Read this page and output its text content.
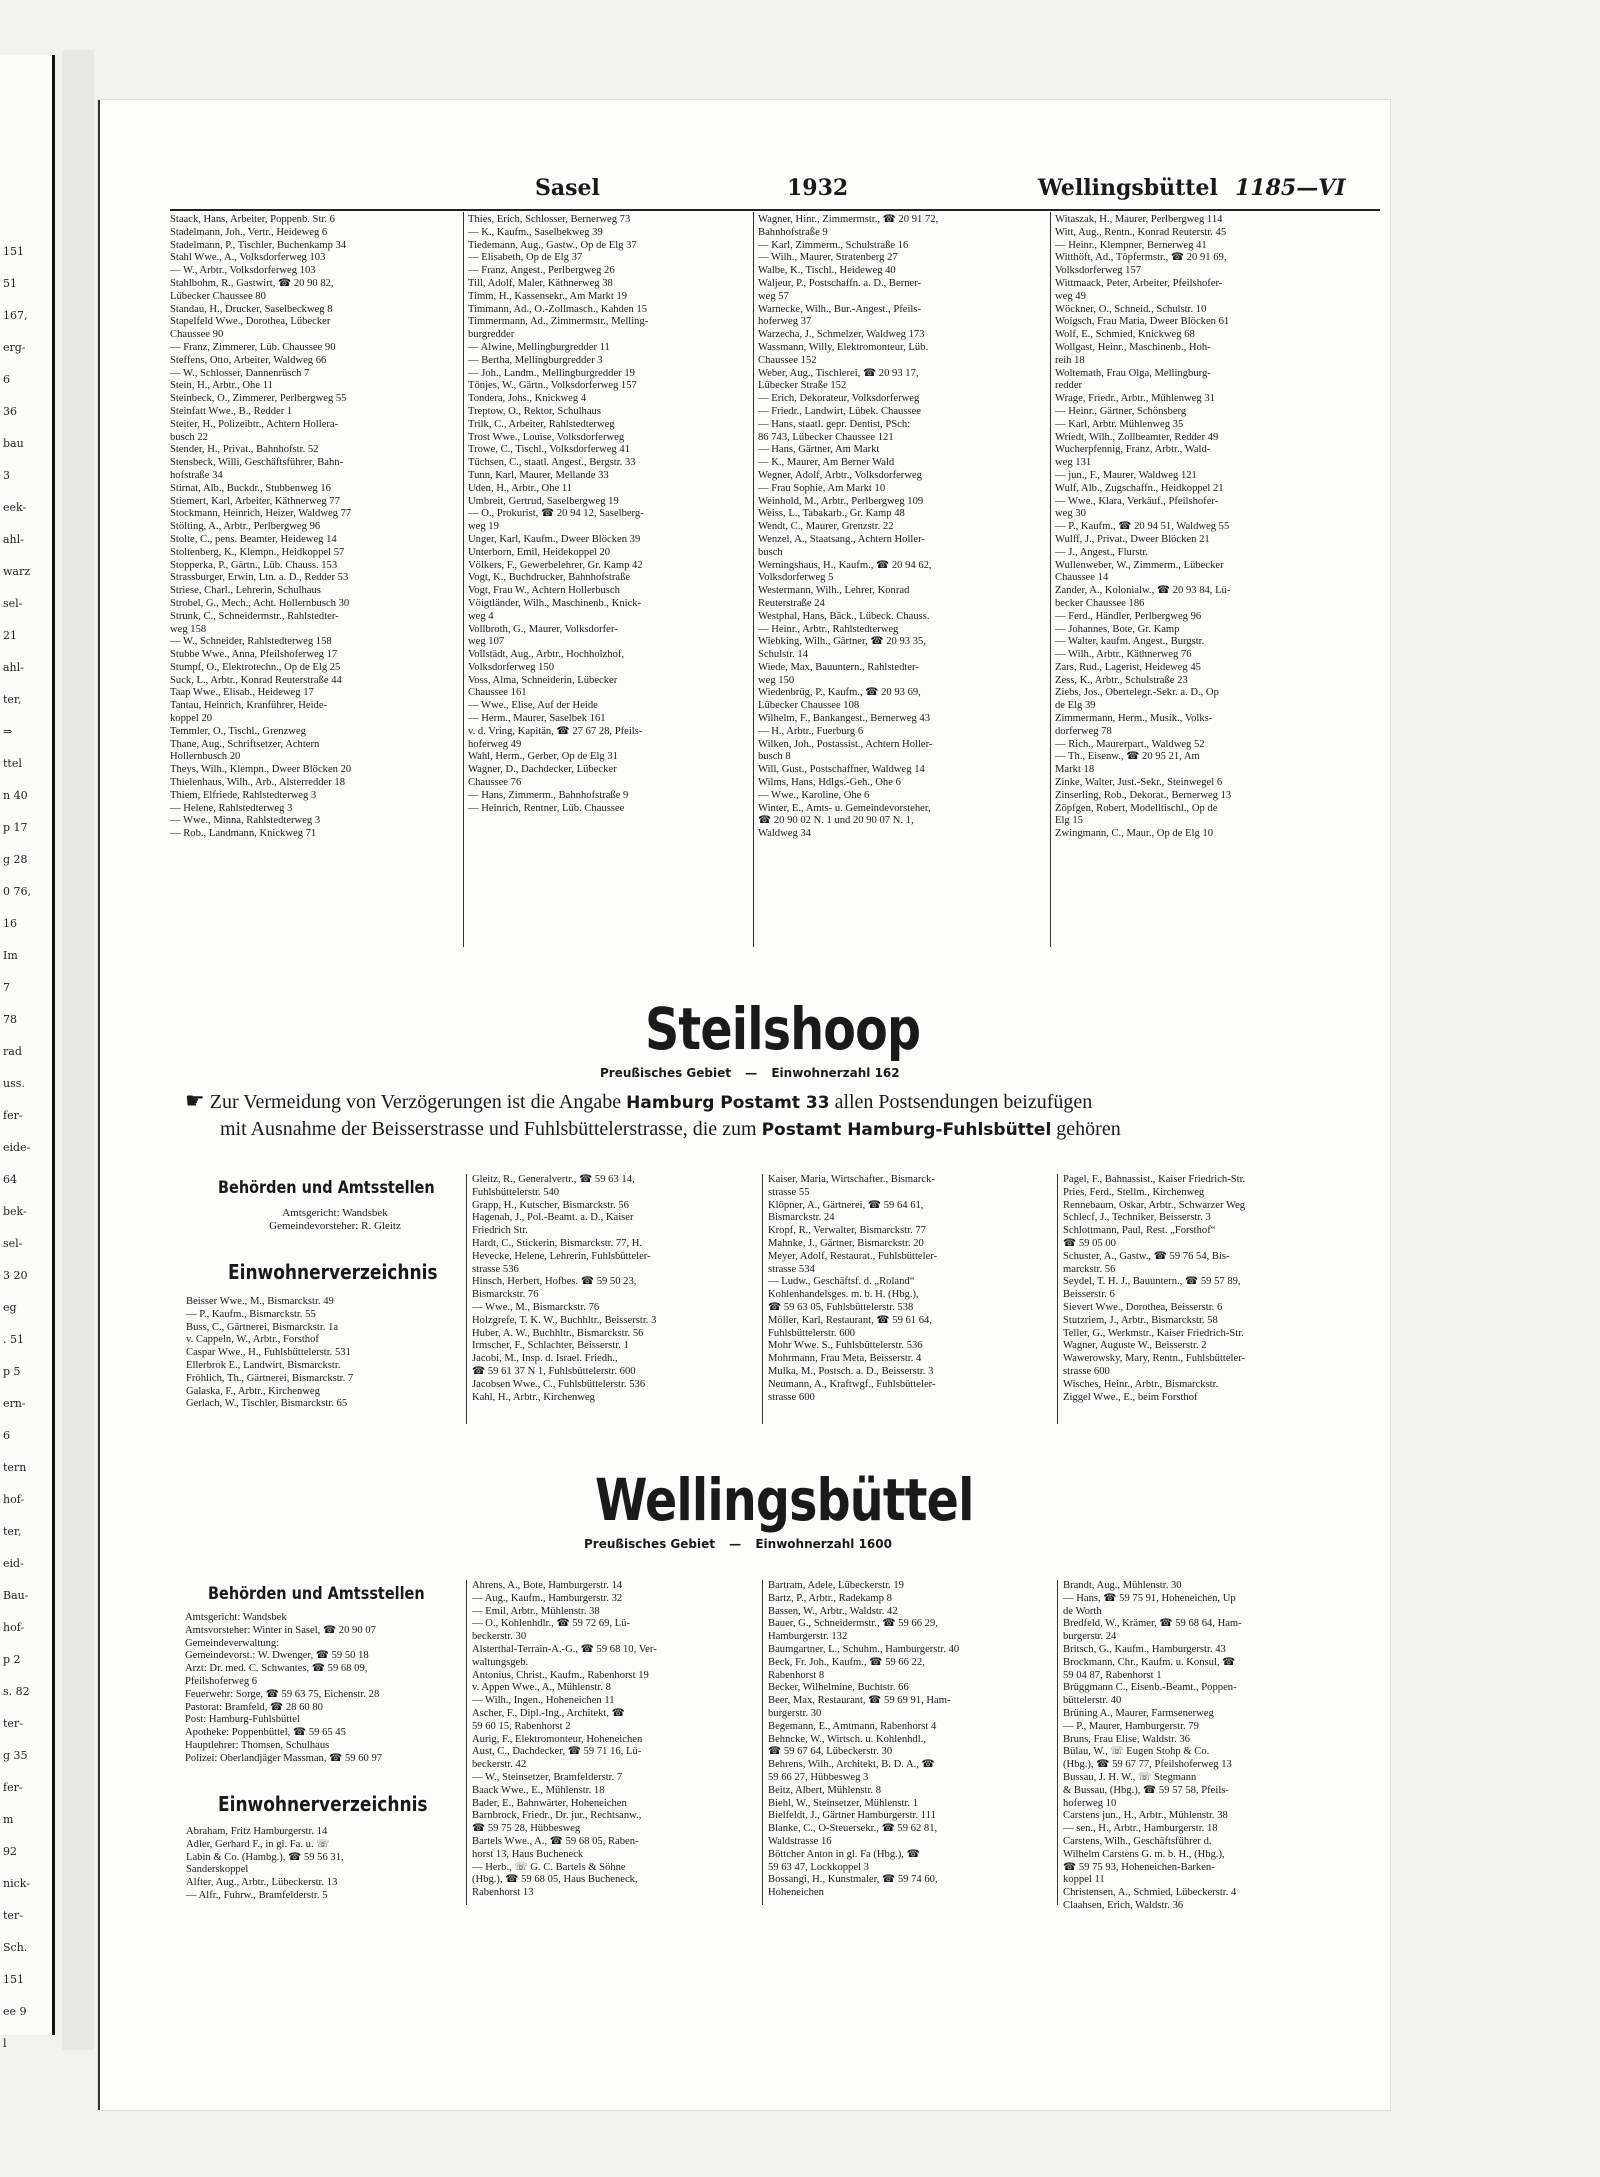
151
51
167,
erg-
6
36
bau
3
eek-
ahl-
warz
sel-
21
ahl-
ter,
⇒
ttel
n 40
p 17
g 28
0 76,
16
Im
7
78
rad
uss.
fer-
eide-
64
bek-
sel-
3 20
eg
. 51
p 5
ern-
6
tern
hof-
ter,
eid-
Bau-
hof-
p 2
s. 82
ter-
g 35
fer-
m
92
nick-
ter-
Sch.
151
ee 9
l
Sasel	1932	Wellingsbüttel 1185—VI
Staack, Hans, Arbeiter, Poppenb. Str. 6
Stadelmann, Joh., Vertr., Heideweg 6
Stadelmann, P., Tischler, Buchenkamp 34
Stahl Wwe., A., Volksdorferweg 103
— W., Arbtr., Volksdorferweg 103
Stahlbohm, R., Gastwirt, ☎ 20 90 82,
Lübecker Chaussee 80
Standau, H., Drucker, Saselbeckweg 8
Stapelfeld Wwe., Dorothea, Lübecker
Chaussee 90
— Franz, Zimmerer, Lüb. Chaussee 90
Steffens, Otto, Arbeiter, Waldweg 66
— W., Schlosser, Dannenrüsch 7
Stein, H., Arbtr., Ohe 11
Steinbeck, O., Zimmerer, Perlbergweg 55
Steinfatt Wwe., B., Redder 1
Steiter, H., Polizeibtr., Achtern Hollera-
busch 22
Stender, H., Privat., Bahnhofstr. 52
Stensbeck, Willi, Geschäftsführer, Bahn-
hofstraße 34
Stirnat, Alb., Buckdr., Stubbenweg 16
Stiemert, Karl, Arbeiter, Käthnerweg 77
Stockmann, Heinrich, Heizer, Waldweg 77
Stölting, A., Arbtr., Perlbergweg 96
Stolte, C., pens. Beamter, Heideweg 14
Stoltenberg, K., Klempn., Heidkoppel 57
Stopperka, P., Gärtn., Lüb. Chauss. 153
Strassburger, Erwin, Ltn. a. D., Redder 53
Striese, Charl., Lehrerin, Schulhaus
Strobel, G., Mech., Acht. Hollernbusch 30
Strunk, C., Schneidermstr., Rahlstedter-
weg 158
— W., Schneider, Rahlstedterweg 158
Stubbe Wwe., Anna, Pfeilshoferweg 17
Stumpf, O., Elektrotechn., Op de Elg 25
Suck, L., Arbtr., Konrad Reuterstraße 44
Taap Wwe., Elisab., Heideweg 17
Tantau, Heinrich, Kranführer, Heide-
koppel 20
Temmler, O., Tischl., Grenzweg
Thane, Aug., Schriftsetzer, Achtern
Hollernbusch 20
Theys, Wilh., Klempn., Dweer Blöcken 20
Thielenhaus, Wilh., Arb., Alsterredder 18
Thiem, Elfriede, Rahlstedterweg 3
— Helene, Rahlstedterweg 3
— Wwe., Minna, Rahlstedterweg 3
— Rob., Landmann, Knickweg 71
Thies, Erich, Schlosser, Bernerweg 73
— K., Kaufm., Saselbekweg 39
Tiedemann, Aug., Gastw., Op de Elg 37
— Elisabeth, Op de Elg 37
— Franz, Angest., Perlbergweg 26
Till, Adolf, Maler, Käthnerweg 38
Timm, H., Kassensekr., Am Markt 19
Timmann, Ad., O.-Zollmasch., Kahden 15
Timmermann, Ad., Zimmermstr., Melling-
burgredder
— Alwine, Mellingburgredder 11
— Bertha, Mellingburgredder 3
— Joh., Landm., Mellingburgredder 19
Tönjes, W., Gärtn., Volksdorferweg 157
Tondera, Johs., Knickweg 4
Treptow, O., Rektor, Schulhaus
Trilk, C., Arbeiter, Rahlstedterweg
Trost Wwe., Louise, Volksdorferweg
Trowe, C., Tischl., Volksdorferweg 41
Tüchsen, C., staatl. Angest., Bergstr. 33
Tunn, Karl, Maurer, Mellande 33
Uden, H., Arbtr., Ohe 11
Umbreit, Gertrud, Saselbergweg 19
— O., Prokurist, ☎ 20 94 12, Saselberg-
weg 19
Unger, Karl, Kaufm., Dweer Blöcken 39
Unterborn, Emil, Heidekoppel 20
Völkers, F., Gewerbelehrer, Gr. Kamp 42
Vogt, K., Buchdrucker, Bahnhofstraße
Vogt, Frau W., Achtern Hollerbusch
Vöigtländer, Wilh., Maschinenb., Knick-
weg 4
Vollbroth, G., Maurer, Volksdorfer-
weg 107
Vollstädt, Aug., Arbtr., Hochholzhof,
Volksdorferweg 150
Voss, Alma, Schneiderin, Lübecker
Chaussee 161
— Wwe., Elise, Auf der Heide
— Herm., Maurer, Saselbek 161
v. d. Vring, Kapitän, ☎ 27 67 28, Pfeils-
hoferweg 49
Wahl, Herm., Gerber, Op de Elg 31
Wagner, D., Dachdecker, Lübecker
Chaussee 76
— Hans, Zimmerm., Bahnhofstraße 9
— Heinrich, Rentner, Lüb. Chaussee
Wagner, Hinr., Zimmermstr., ☎ 20 91 72,
Bahnhofstraße 9
— Karl, Zimmerm., Schulstraße 16
— Wilh., Maurer, Stratenberg 27
Walbe, K., Tischl., Heideweg 40
Waljeur, P., Postschaffn. a. D., Berner-
weg 57
Warnecke, Wilh., Bur.-Angest., Pfeils-
hoferweg 37
Warzecha, J., Schmelzer, Waldweg 173
Wassmann, Willy, Elektromonteur, Lüb.
Chaussee 152
Weber, Aug., Tischlerei, ☎ 20 93 17,
Lübecker Straße 152
— Erich, Dekorateur, Volksdorferweg
— Friedr., Landwirt, Lübek. Chaussee
— Hans, staatl. gepr. Dentist, PSch:
86 743, Lübecker Chaussee 121
— Hans, Gärtner, Am Markt
— K., Maurer, Am Berner Wald
Wegner, Adolf, Arbtr., Volksdorferweg
— Frau Sophie, Am Markt 10
Weinhold, M., Arbtr., Perlbergweg 109
Weiss, L., Tabakarb., Gr. Kamp 48
Wendt, C., Maurer, Grenzstr. 22
Wenzel, A., Staatsang., Achtern Holler-
busch
Werningshaus, H., Kaufm., ☎ 20 94 62,
Volksdorferweg 5
Westermann, Wilh., Lehrer, Konrad
Reuterstraße 24
Westphal, Hans, Bäck., Lübeck. Chauss.
— Heinr., Arbtr., Rahlstedterweg
Wiebking, Wilh., Gärtner, ☎ 20 93 35,
Schulstr. 14
Wiede, Max, Bauuntern., Rahlstedter-
weg 150
Wiedenbrüg, P., Kaufm., ☎ 20 93 69,
Lübecker Chaussee 108
Wilhelm, F., Bankangest., Bernerweg 43
— H., Arbtr., Fuerburg 6
Wilken, Joh., Postassist., Achtern Holler-
busch 8
Will, Gust., Postschaffner, Waldweg 14
Wilms, Hans, Hdlgs.-Geh., Ohe 6
— Wwe., Karoline, Ohe 6
Winter, E., Amts- u. Gemeindevorsteher,
☎ 20 90 02 N. 1 und 20 90 07 N. 1,
Waldweg 34
Witaszak, H., Maurer, Perlbergweg 114
Witt, Aug., Rentn., Konrad Reuterstr. 45
— Heinr., Klempner, Bernerweg 41
Witthöft, Ad., Töpfermstr., ☎ 20 91 69,
Volksdorferweg 157
Wittmaack, Peter, Arbeiter, Pfeilshofer-
weg 49
Wöckner, O., Schneid., Schulstr. 10
Woigsch, Frau Maria, Dweer Blöcken 61
Wolf, E., Schmied, Knickweg 68
Wollgast, Heinr., Maschinenb., Hoh-
reih 18
Woltemath, Frau Olga, Mellingburg-
redder
Wrage, Friedr., Arbtr., Mühlenweg 31
— Heinr., Gärtner, Schönsberg
— Karl, Arbtr. Mühlenweg 35
Wriedt, Wilh., Zollbeamter, Redder 49
Wucherpfennig, Franz, Arbtr., Wald-
weg 131
— jun., F., Maurer, Waldweg 121
Wulf, Alb., Zugschaffn., Heidkoppel 21
— Wwe., Klara, Verkäuf., Pfeilshofer-
weg 30
— P., Kaufm., ☎ 20 94 51, Waldweg 55
Wulff, J., Privat., Dweer Blöcken 21
— J., Angest., Flurstr.
Wullenweber, W., Zimmerm., Lübecker
Chaussee 14
Zander, A., Kolonialw., ☎ 20 93 84, Lü-
becker Chaussee 186
— Ferd., Händler, Perlbergweg 96
— Johannes, Bote, Gr. Kamp
— Walter, kaufm. Angest., Burgstr.
— Wilh., Arbtr., Käthnerweg 76
Zars, Rud., Lagerist, Heideweg 45
Zess, K., Arbtr., Schulstraße 23
Ziebs, Jos., Obertelegr.-Sekr. a. D., Op
de Elg 39
Zimmermann, Herm., Musik., Volks-
dorferweg 78
— Rich., Maurerpart., Waldweg 52
— Th., Eisenw., ☎ 20 95 21, Am
Markt 18
Zinke, Walter, Just.-Sekr., Steinwegel 6
Zinserling, Rob., Dekorat., Bernerweg 13
Zöpfgen, Robert, Modelltischl., Op de
Elg 15
Zwingmann, C., Maur., Op de Elg 10
Steilshoop
Preußisches Gebiet — Einwohnerzahl 162
☛ Zur Vermeidung von Verzögerungen ist die Angabe Hamburg Postamt 33 allen Postsendungen beizufügen
mit Ausnahme der Beisserstrasse und Fuhlsbüttelerstrasse, die zum Postamt Hamburg-Fuhlsbüttel gehören
Behörden und Amtsstellen
Amtsgericht: Wandsbek
Gemeindevorsteher: R. Gleitz
Einwohnerverzeichnis
Beisser Wwe., M., Bismarckstr. 49
— P., Kaufm., Bismarckstr. 55
Buss, C., Gärtnerei, Bismarckstr. 1a
v. Cappeln, W., Arbtr., Forsthof
Caspar Wwe., H., Fuhlsbüttelerstr. 531
Ellerbrok E., Landwirt, Bismarckstr.
Fröhlich, Th., Gärtnerei, Bismarckstr. 7
Galaska, F., Arbtr., Kirchenweg
Gerlach, W., Tischler, Bismarckstr. 65
Gleitz, R., Generalvertr., ☎ 59 63 14,
Fuhlsbüttelerstr. 540
Grapp, H., Kutscher, Bismarckstr. 56
Hagenah, J., Pol.-Beamt. a. D., Kaiser
Friedrich Str.
Hardt, C., Stickerin, Bismarckstr. 77, H.
Hevecke, Helene, Lehrerin, Fuhlsbütteler-
strasse 536
Hinsch, Herbert, Hofbes. ☎ 59 50 23,
Bismarckstr. 76
— Wwe., M., Bismarckstr. 76
Holzgrefe, T. K. W., Buchhltr., Beisserstr. 3
Huber, A. W., Buchhltr., Bismarckstr. 56
Irmscher, F., Schlachter, Beisserstr. 1
Jacobi, M., Insp. d. Israel. Friedh.,
☎ 59 61 37 N 1, Fuhlsbüttelerstr. 600
Jacobsen Wwe., C., Fuhlsbüttelerstr. 536
Kahl, H., Arbtr., Kirchenweg
Kaiser, Maria, Wirtschafter., Bismarck-
strasse 55
Klöpner, A., Gärtnerei, ☎ 59 64 61,
Bismarckstr. 24
Kropf, R., Verwalter, Bismarckstr. 77
Mahnke, J., Gärtner, Bismarckstr. 20
Meyer, Adolf, Restaurat., Fuhlsbütteler-
strasse 534
— Ludw., Geschäftsf. d. „Roland“
Kohlenhandelsges. m. b. H. (Hbg.),
☎ 59 63 05, Fuhlsbüttelerstr. 538
Möller, Karl, Restaurant, ☎ 59 61 64,
Fuhlsbüttelerstr. 600
Mohr Wwe. S., Fuhlsbüttelerstr. 536
Mohrmann, Frau Meta, Beisserstr. 4
Mulka, M., Postsch. a. D., Beisserstr. 3
Neumann, A., Kraftwgf., Fuhlsbütteler-
strasse 600
Pagel, F., Bahnassist., Kaiser Friedrich-Str.
Pries, Ferd., Stellm., Kirchenweg
Rennebaum, Oskar, Arbtr., Schwarzer Weg
Schlecf, J., Techniker, Beisserstr. 3
Schlottmann, Paul, Rest. „Forsthof“
☎ 59 05 00
Schuster, A., Gastw., ☎ 59 76 54, Bis-
marckstr. 56
Seydel, T. H. J., Bauuntern., ☎ 59 57 89,
Beisserstr. 6
Sievert Wwe., Dorothea, Beisserstr. 6
Stutzriem, J., Arbtr., Bismarckstr. 58
Teller, G., Werkmstr., Kaiser Friedrich-Str.
Wagner, Auguste W., Beisserstr. 2
Wawerowsky, Mary, Rentn., Fuhlsbütteler-
strasse 600
Wisches, Heinr., Arbtr., Bismarckstr.
Ziggel Wwe., E., beim Forsthof
Wellingsbüttel
Preußisches Gebiet — Einwohnerzahl 1600
Behörden und Amtsstellen
Amtsgericht: Wandsbek
Amtsvorsteher: Winter in Sasel, ☎ 20 90 07
Gemeindeverwaltung:
Gemeindevorst.: W. Dwenger, ☎ 59 50 18
Arzt: Dr. med. C. Schwantes, ☎ 59 68 09,
Pfeilshoferweg 6
Feuerwehr: Sorge, ☎ 59 63 75, Eichenstr. 28
Pastorat: Bramfeld, ☎ 28 60 80
Post: Hamburg-Fuhlsbüttel
Apotheke: Poppenbüttel, ☎ 59 65 45
Hauptlehrer: Thomsen, Schulhaus
Polizei: Oberlandjäger Massman, ☎ 59 60 97
Einwohnerverzeichnis
Abraham, Fritz Hamburgerstr. 14
Adler, Gerhard F., in gl. Fa. u. ☏
Labin & Co. (Hambg.), ☎ 59 56 31,
Sanderskoppel
Alfter, Aug., Arbtr., Lübeckerstr. 13
— Alfr., Fuhrw., Bramfelderstr. 5
Ahrens, A., Bote, Hamburgerstr. 14
— Aug., Kaufm., Hamburgerstr. 32
— Emil, Arbtr., Mühlenstr. 38
— O., Kohlenhdlr., ☎ 59 72 69, Lü-
beckerstr. 30
Alsterthal-Terrain-A.-G., ☎ 59 68 10, Ver-
waltungsgeb.
Antonius, Christ., Kaufm., Rabenhorst 19
v. Appen Wwe., A., Mühlenstr. 8
— Wilh., Ingen., Hoheneichen 11
Ascher, F., Dipl.-Ing., Architekt, ☎
59 60 15, Rabenhorst 2
Aurig, F., Elektromonteur, Hoheneichen
Aust, C., Dachdecker, ☎ 59 71 16, Lü-
beckerstr. 42
— W., Steinsetzer, Bramfelderstr. 7
Baack Wwe., E., Mühlenstr. 18
Bader, E., Bahnwärter, Hoheneichen
Barnbrock, Friedr., Dr. jur., Rechtsanw.,
☎ 59 75 28, Hübbesweg
Bartels Wwe., A., ☎ 59 68 05, Raben-
horst 13, Haus Bucheneck
— Herb., ☏ G. C. Bartels & Söhne
(Hbg.), ☎ 59 68 05, Haus Bucheneck,
Rabenhorst 13
Bartram, Adele, Lübeckerstr. 19
Bartz, P., Arbtr., Radekamp 8
Bassen, W., Arbtr., Waldstr. 42
Bauer, G., Schneidermstr., ☎ 59 66 29,
Hamburgerstr. 132
Baumgartner, L., Schuhm., Hamburgerstr. 40
Beck, Fr. Joh., Kaufm., ☎ 59 66 22,
Rabenhorst 8
Becker, Wilhelmine, Buchtstr. 66
Beer, Max, Restaurant, ☎ 59 69 91, Ham-
burgerstr. 30
Begemann, E., Amtmann, Rabenhorst 4
Behncke, W., Wirtsch. u. Kohlenhdl.,
☎ 59 67 64, Lübeckerstr. 30
Behrens, Wilh., Architekt, B. D. A., ☎
59 66 27, Hübbesweg 3
Beitz, Albert, Mühlenstr. 8
Biehl, W., Steinsetzer, Mühlenstr. 1
Bielfeldt, J., Gärtner Hamburgerstr. 111
Blanke, C., O-Steuersekr., ☎ 59 62 81,
Waldstrasse 16
Böttcher Anton in gl. Fa (Hbg.), ☎
59 63 47, Lockkoppel 3
Bossangi, H., Kunstmaler, ☎ 59 74 60,
Hoheneichen
Brandt, Aug., Mühlenstr. 30
— Hans, ☎ 59 75 91, Hoheneichen, Up
de Worth
Bredfeld, W., Krämer, ☎ 59 68 64, Ham-
burgerstr. 24
Britsch, G., Kaufm., Hamburgerstr. 43
Brockmann, Chr., Kaufm. u. Konsul, ☎
59 04 87, Rabenhorst 1
Brüggmann C., Eisenb.-Beamt., Poppen-
büttelerstr. 40
Brüning A., Maurer, Farmsenerweg
— P., Maurer, Hamburgerstr. 79
Bruns, Frau Elise, Waldstr. 36
Bülau, W., ☏ Eugen Stohp & Co.
(Hbg.), ☎ 59 67 77, Pfeilshoferweg 13
Bussau, J. H. W., ☏ Stegmann
& Bussau, (Hbg.), ☎ 59 57 58, Pfeils-
hoferweg 10
Carstens jun., H., Arbtr., Mühlenstr. 38
— sen., H., Arbtr., Hamburgerstr. 18
Carstens, Wilh., Geschäftsführer d.
Wilhelm Carstens G. m. b. H., (Hbg.),
☎ 59 75 93, Hoheneichen-Barken-
koppel 11
Christensen, A., Schmied, Lübeckerstr. 4
Claahsen, Erich, Waldstr. 36
